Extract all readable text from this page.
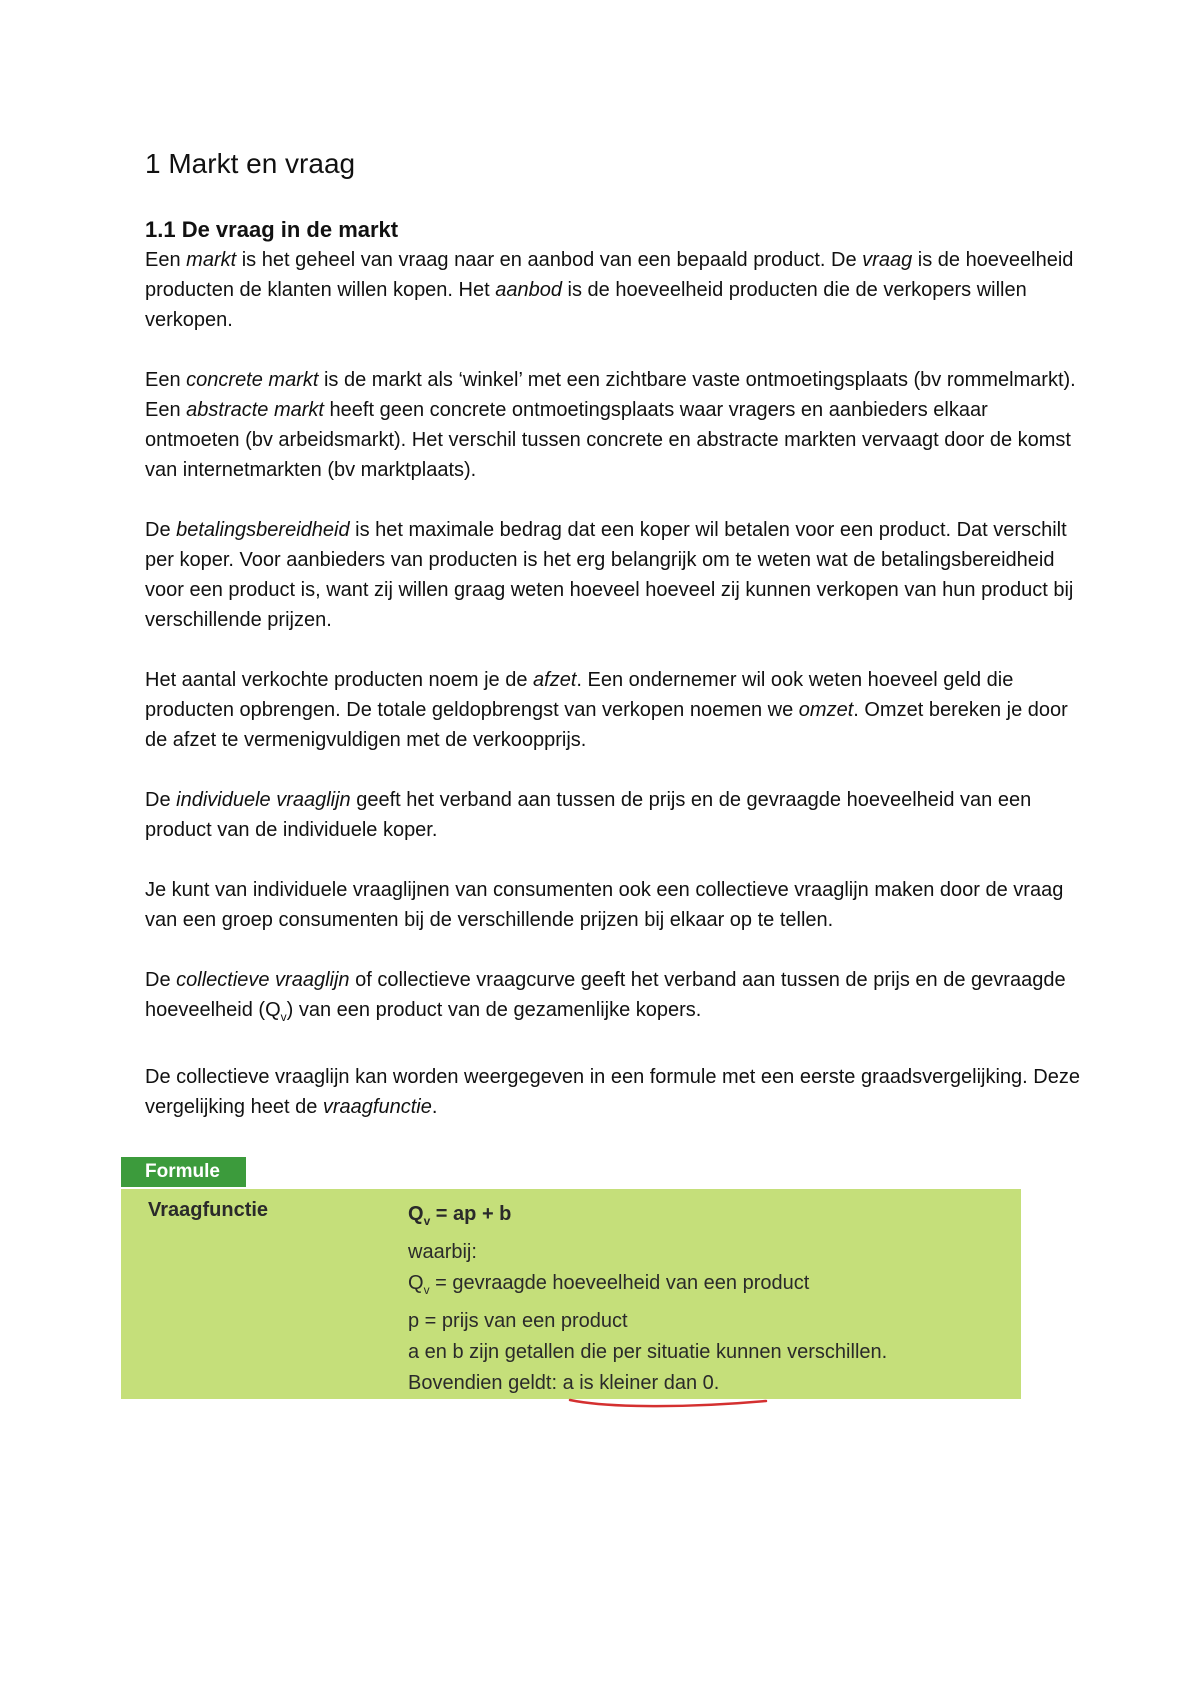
1 Markt en vraag
1.1 De vraag in de markt

Een markt is het geheel van vraag naar en aanbod van een bepaald product. De vraag is de hoeveelheid producten de klanten willen kopen. Het aanbod is de hoeveelheid producten die de verkopers willen verkopen.

Een concrete markt is de markt als ‘winkel’ met een zichtbare vaste ontmoetingsplaats (bv rommelmarkt). Een abstracte markt heeft geen concrete ontmoetingsplaats waar vragers en aanbieders elkaar ontmoeten (bv arbeidsmarkt). Het verschil tussen concrete en abstracte markten vervaagt door de komst van internetmarkten (bv marktplaats).

De betalingsbereidheid is het maximale bedrag dat een koper wil betalen voor een product. Dat verschilt per koper. Voor aanbieders van producten is het erg belangrijk om te weten wat de betalingsbereidheid voor een product is, want zij willen graag weten hoeveel hoeveel zij kunnen verkopen van hun product bij verschillende prijzen.

Het aantal verkochte producten noem je de afzet. Een ondernemer wil ook weten hoeveel geld die producten opbrengen. De totale geldopbrengst van verkopen noemen we omzet. Omzet bereken je door de afzet te vermenigvuldigen met de verkoopprijs.

De individuele vraaglijn geeft het verband aan tussen de prijs en de gevraagde hoeveelheid van een product van de individuele koper.

Je kunt van individuele vraaglijnen van consumenten ook een collectieve vraaglijn maken door de vraag van een groep consumenten bij de verschillende prijzen bij elkaar op te tellen.

De collectieve vraaglijn of collectieve vraagcurve geeft het verband aan tussen de prijs en de gevraagde hoeveelheid $(Q_v)$ van een product van de gezamenlijke kopers.

De collectieve vraaglijn kan worden weergegeven in een formule met een eerste graadsvergelijking. Deze vergelijking heet de vraagfunctie.

Formule
Vraagfunctie	$Q_v$ = ap + b
waarbij:
$Q_v$ = gevraagde hoeveelheid van een product
p = prijs van een product
a en b zijn getallen die per situatie kunnen verschillen.
Bovendien geldt: a is kleiner dan 0.
